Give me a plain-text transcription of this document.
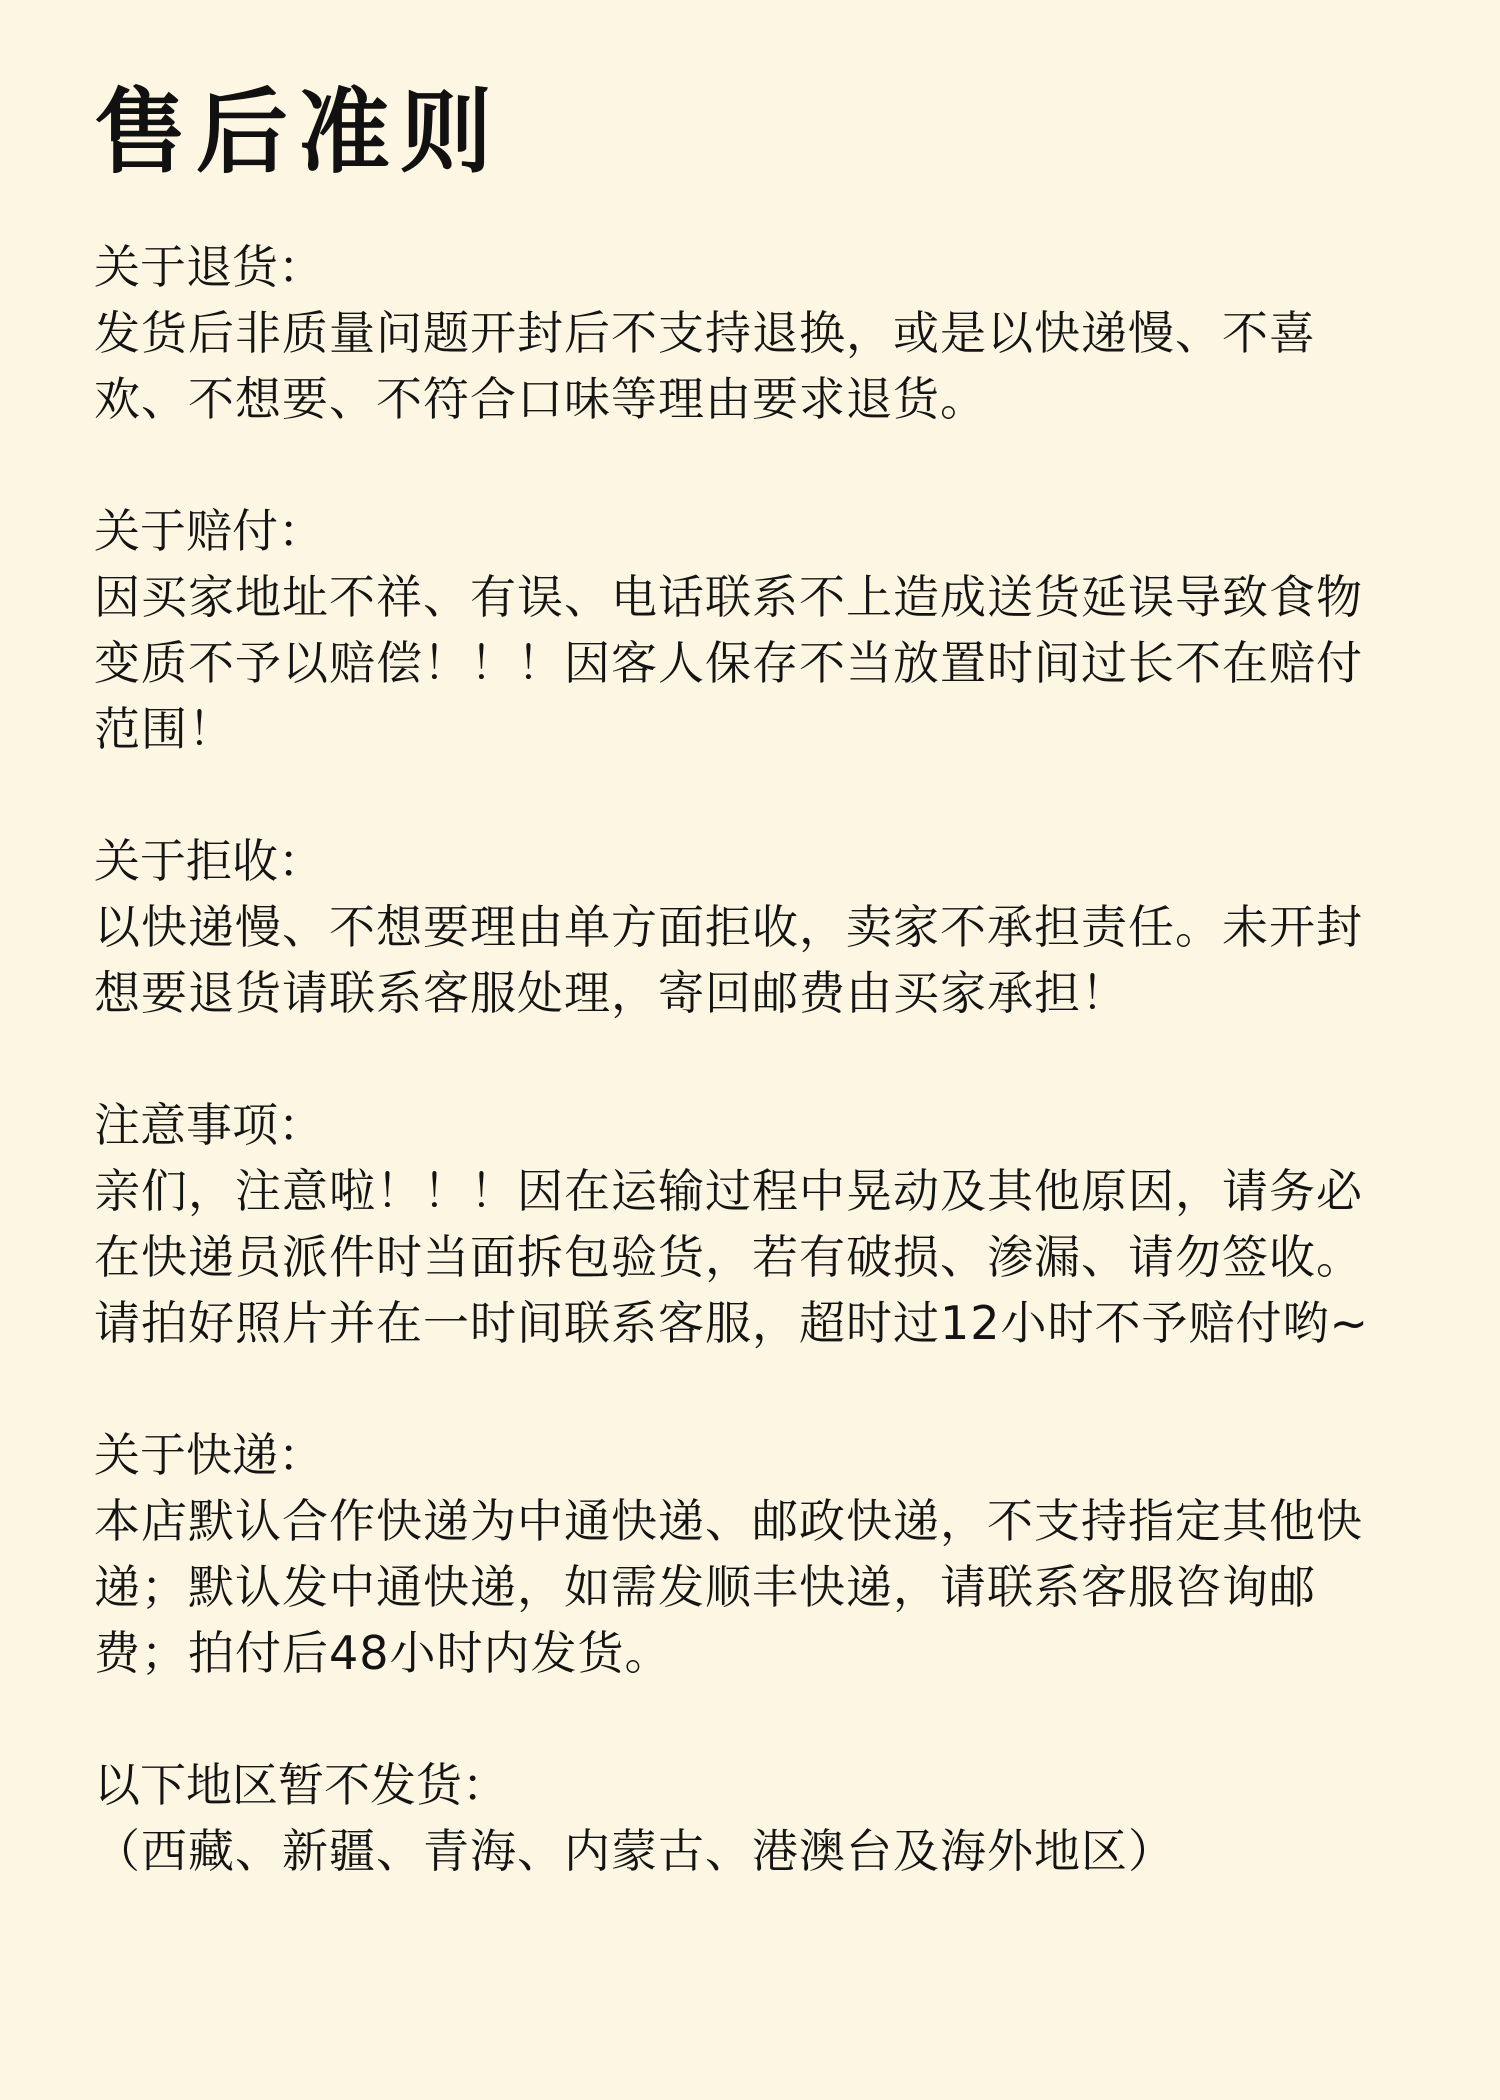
售后准则

关于退货：

发货后非质量问题开封后不支持退换，或是以快递慢、不喜欢、不想要、不符合口味等理由要求退货。

关于赔付：

因买家地址不祥、有误、电话联系不上造成送货延误导致食物变质不予以赔偿！！！因客人保存不当放置时间过长不在赔付范围！

关于拒收：

以快递慢、不想要理由单方面拒收，卖家不承担责任。未开封想要退货请联系客服处理，寄回邮费由买家承担！

注意事项：

亲们，注意啦！！！因在运输过程中晃动及其他原因，请务必在快递员派件时当面拆包验货，若有破损、渗漏、请勿签收。请拍好照片并在一时间联系客服，超时过12小时不予赔付哟~

关于快递：

本店默认合作快递为中通快递、邮政快递，不支持指定其他快递；默认发中通快递，如需发顺丰快递，请联系客服咨询邮费；拍付后48小时内发货。

以下地区暂不发货：

（西藏、新疆、青海、内蒙古、港澳台及海外地区）
